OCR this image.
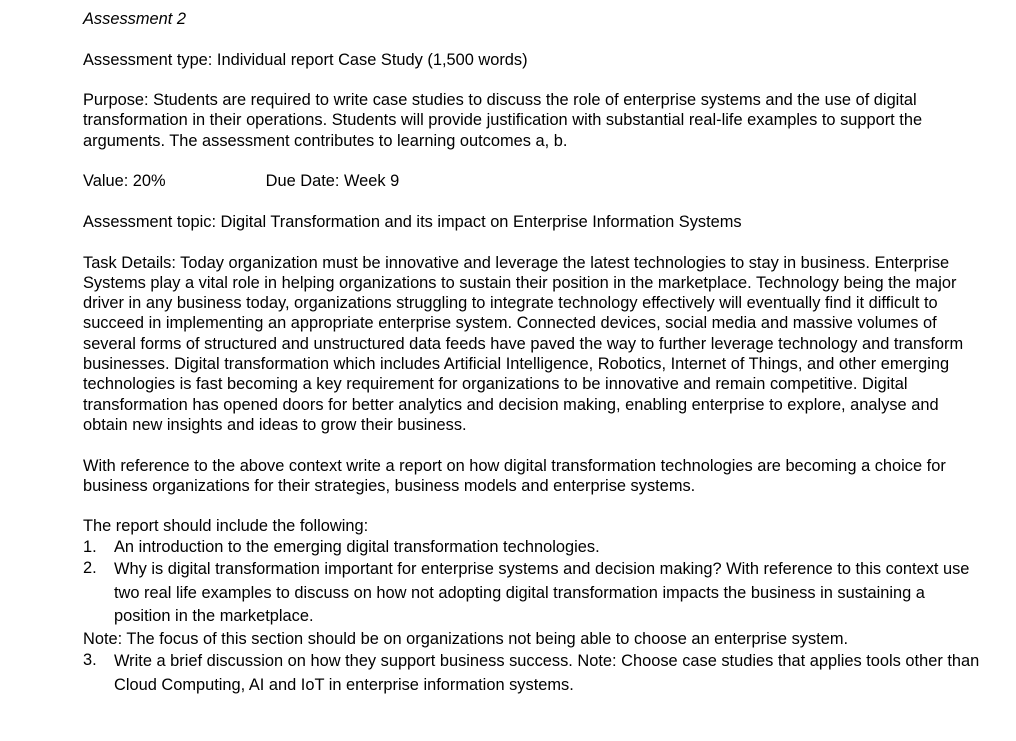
Assessment 2

Assessment type: Individual report Case Study (1,500 words)

Purpose: Students are required to write case studies to discuss the role of enterprise systems and the use of digital transformation in their operations. Students will provide justification with substantial real-life examples to support the arguments. The assessment contributes to learning outcomes a, b.

Value: 20%	Due Date: Week 9

Assessment topic: Digital Transformation and its impact on Enterprise Information Systems

Task Details: Today organization must be innovative and leverage the latest technologies to stay in business. Enterprise Systems play a vital role in helping organizations to sustain their position in the marketplace. Technology being the major driver in any business today, organizations struggling to integrate technology effectively will eventually find it difficult to succeed in implementing an appropriate enterprise system. Connected devices, social media and massive volumes of several forms of structured and unstructured data feeds have paved the way to further leverage technology and transform businesses. Digital transformation which includes Artificial Intelligence, Robotics, Internet of Things, and other emerging technologies is fast becoming a key requirement for organizations to be innovative and remain competitive. Digital transformation has opened doors for better analytics and decision making, enabling enterprise to explore, analyse and obtain new insights and ideas to grow their business.

With reference to the above context write a report on how digital transformation technologies are becoming a choice for business organizations for their strategies, business models and enterprise systems.

The report should include the following:

1.	An introduction to the emerging digital transformation technologies.
2.	Why is digital transformation important for enterprise systems and decision making? With reference to this context use two real life examples to discuss on how not adopting digital transformation impacts the business in sustaining a position in the marketplace.

Note: The focus of this section should be on organizations not being able to choose an enterprise system.

3.	Write a brief discussion on how they support business success. Note: Choose case studies that applies tools other than Cloud Computing, AI and IoT in enterprise information systems.
